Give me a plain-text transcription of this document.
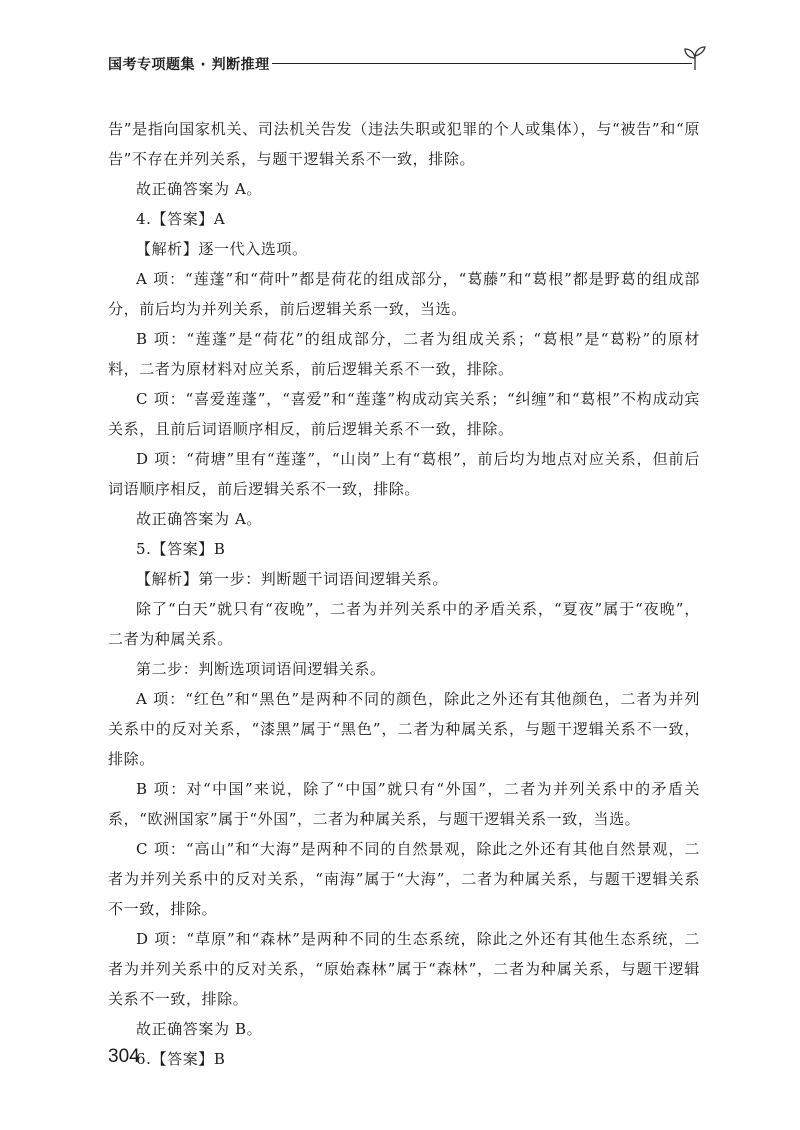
国考专项题集 · 判断推理

告”是指向国家机关、司法机关告发（违法失职或犯罪的个人或集体），与“被告”和“原告”不存在并列关系，与题干逻辑关系不一致，排除。

故正确答案为 A。

4.【答案】A

【解析】逐一代入选项。

A 项：“莲蓬”和“荷叶”都是荷花的组成部分，“葛藤”和“葛根”都是野葛的组成部分，前后均为并列关系，前后逻辑关系一致，当选。

B 项：“莲蓬”是“荷花”的组成部分，二者为组成关系；“葛根”是“葛粉”的原材料，二者为原材料对应关系，前后逻辑关系不一致，排除。

C 项：“喜爱莲蓬”，“喜爱”和“莲蓬”构成动宾关系；“纠缠”和“葛根”不构成动宾关系，且前后词语顺序相反，前后逻辑关系不一致，排除。

D 项：“荷塘”里有“莲蓬”，“山岗”上有“葛根”，前后均为地点对应关系，但前后词语顺序相反，前后逻辑关系不一致，排除。

故正确答案为 A。

5.【答案】B

【解析】第一步：判断题干词语间逻辑关系。

除了“白天”就只有“夜晚”，二者为并列关系中的矛盾关系，“夏夜”属于“夜晚”，二者为种属关系。

第二步：判断选项词语间逻辑关系。

A 项：“红色”和“黑色”是两种不同的颜色，除此之外还有其他颜色，二者为并列关系中的反对关系，“漆黑”属于“黑色”，二者为种属关系，与题干逻辑关系不一致，排除。

B 项：对“中国”来说，除了“中国”就只有“外国”，二者为并列关系中的矛盾关系，“欧洲国家”属于“外国”，二者为种属关系，与题干逻辑关系一致，当选。

C 项：“高山”和“大海”是两种不同的自然景观，除此之外还有其他自然景观，二者为并列关系中的反对关系，“南海”属于“大海”，二者为种属关系，与题干逻辑关系不一致，排除。

D 项：“草原”和“森林”是两种不同的生态系统，除此之外还有其他生态系统，二者为并列关系中的反对关系，“原始森林”属于“森林”，二者为种属关系，与题干逻辑关系不一致，排除。

故正确答案为 B。

6.【答案】B

304
